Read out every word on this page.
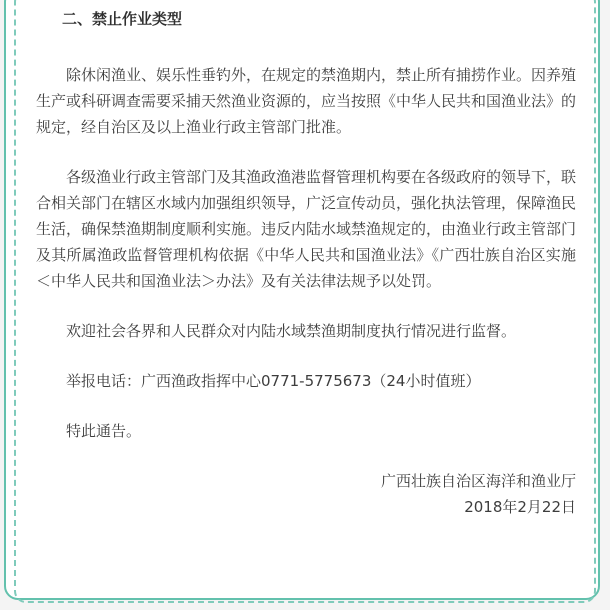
二、禁止作业类型

除休闲渔业、娱乐性垂钓外，在规定的禁渔期内，禁止所有捕捞作业。因养殖生产或科研调查需要采捕天然渔业资源的，应当按照《中华人民共和国渔业法》的规定，经自治区及以上渔业行政主管部门批准。

各级渔业行政主管部门及其渔政渔港监督管理机构要在各级政府的领导下，联合相关部门在辖区水域内加强组织领导，广泛宣传动员，强化执法管理，保障渔民生活，确保禁渔期制度顺利实施。违反内陆水域禁渔规定的，由渔业行政主管部门及其所属渔政监督管理机构依据《中华人民共和国渔业法》《广西壮族自治区实施＜中华人民共和国渔业法＞办法》及有关法律法规予以处罚。

欢迎社会各界和人民群众对内陆水域禁渔期制度执行情况进行监督。

举报电话：广西渔政指挥中心0771-5775673（24小时值班）

特此通告。

广西壮族自治区海洋和渔业厅

2018年2月22日
